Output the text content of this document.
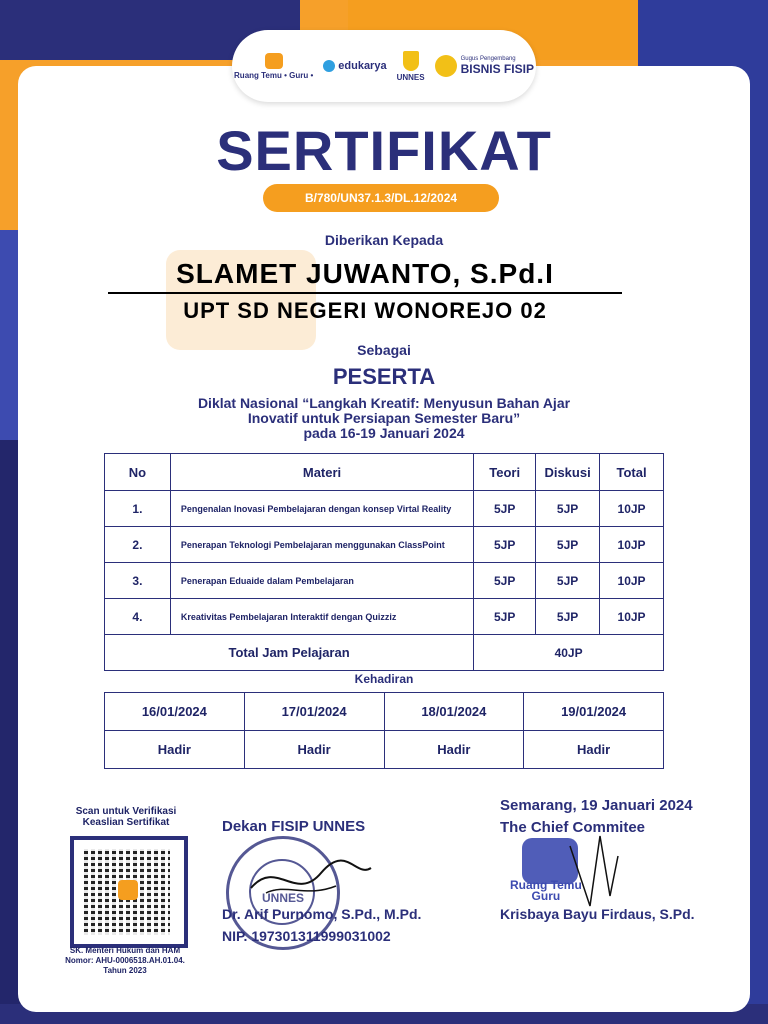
Ruang Temu • Guru •
edukarya
UNNES
Gugus Pengembang
BISNIS FISIP
SERTIFIKAT
B/780/UN37.1.3/DL.12/2024
Diberikan Kepada
SLAMET JUWANTO, S.Pd.I
UPT SD NEGERI WONOREJO 02
Sebagai
PESERTA
Diklat Nasional “Langkah Kreatif: Menyusun Bahan Ajar
Inovatif untuk Persiapan Semester Baru”
pada 16-19 Januari 2024
No	Materi	Teori	Diskusi	Total
1.	Pengenalan Inovasi Pembelajaran dengan konsep Virtal Reality	5JP	5JP	10JP
2.	Penerapan Teknologi Pembelajaran menggunakan ClassPoint	5JP	5JP	10JP
3.	Penerapan Eduaide dalam Pembelajaran	5JP	5JP	10JP
4.	Kreativitas Pembelajaran Interaktif dengan Quizziz	5JP	5JP	10JP
Total Jam Pelajaran		40JP		
Kehadiran
16/01/2024	17/01/2024	18/01/2024	19/01/2024
Hadir	Hadir	Hadir	Hadir
Scan untuk Verifikasi
Keaslian Sertifikat
SK. Menteri Hukum dan HAM
Nomor: AHU-0006518.AH.01.04.
Tahun 2023
UNNES
Dekan FISIP UNNES
Dr. Arif Purnomo, S.Pd., M.Pd.
NIP. 197301311999031002
Semarang, 19 Januari 2024
The Chief Commitee
Ruang Temu
Guru
Krisbaya Bayu Firdaus, S.Pd.
